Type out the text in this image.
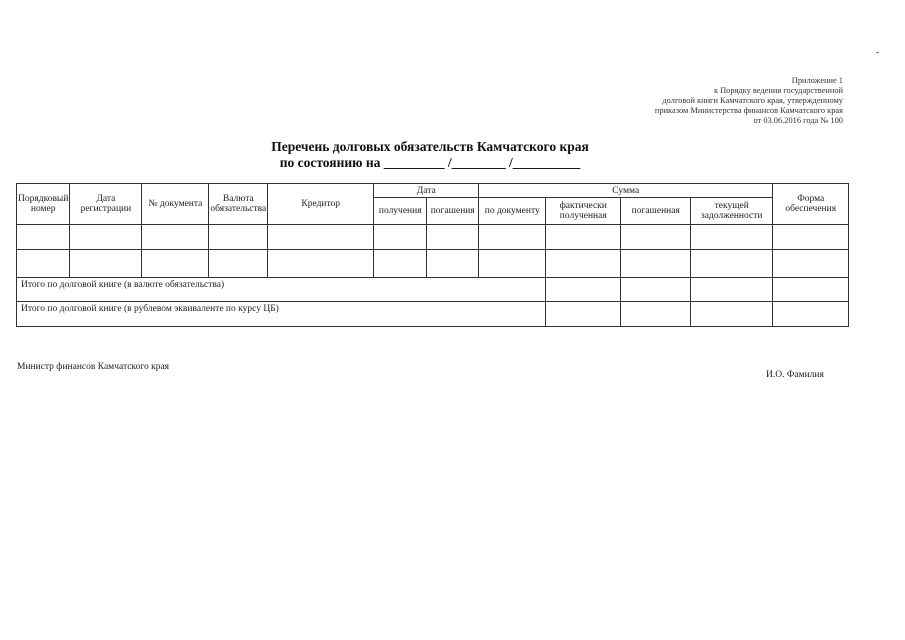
Приложение 1
к Порядку ведения государственной
долговой книги Камчатского края, утвержденному
приказом Министерства финансов Камчатского края
от 03.06.2016 года № 100
Перечень долговых обязательств Камчатского края
по состоянию на _________ /________ /__________
Порядковый номер	Дата регистрации	№ документа	Валюта обязательства	Кредитор	Дата		Сумма				Форма обеспечения
					получения	погашения	по документу	фактически полученная	погашенная	текущей задолженности	

Итого по долговой книге (в валюте обязательства)											
Итого по долговой книге (в рублевом эквиваленте по курсу ЦБ)											
Министр финансов Камчатского края
И.О. Фамилия
